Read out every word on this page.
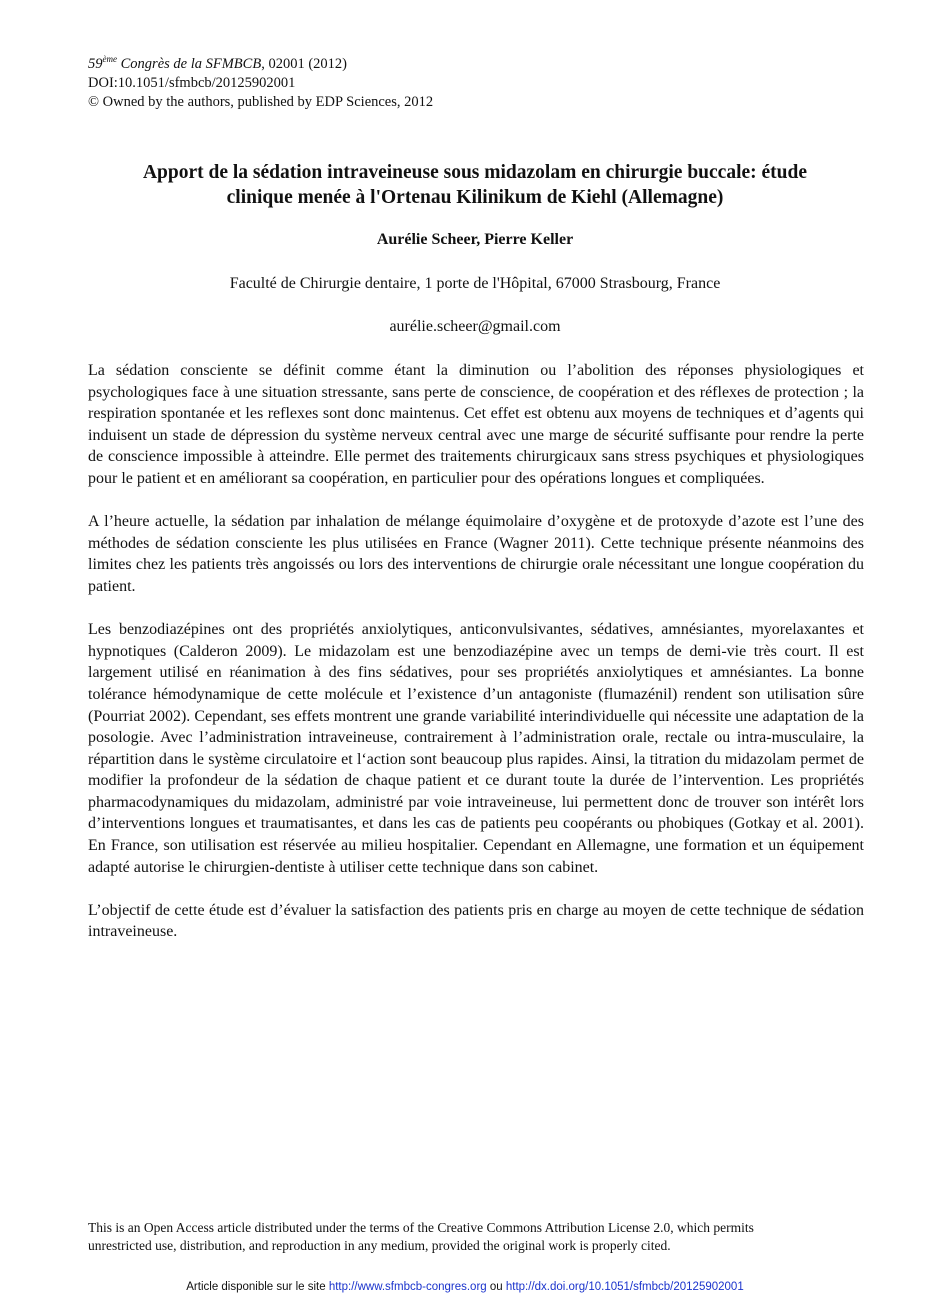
59ème Congrès de la SFMBCB, 02001 (2012)
DOI:10.1051/sfmbcb/20125902001
© Owned by the authors, published by EDP Sciences, 2012
Apport de la sédation intraveineuse sous midazolam en chirurgie buccale: étude
clinique menée à l'Ortenau Kilinikum de Kiehl (Allemagne)
Aurélie Scheer, Pierre Keller
Faculté de Chirurgie dentaire, 1 porte de l'Hôpital, 67000 Strasbourg, France
aurélie.scheer@gmail.com

La sédation consciente se définit comme étant la diminution ou l’abolition des réponses physiologiques et psychologiques face à une situation stressante, sans perte de conscience, de coopération et des réflexes de protection ; la respiration spontanée et les reflexes sont donc maintenus. Cet effet est obtenu aux moyens de techniques et d’agents qui induisent un stade de dépression du système nerveux central avec une marge de sécurité suffisante pour rendre la perte de conscience impossible à atteindre. Elle permet des traitements chirurgicaux sans stress psychiques et physiologiques pour le patient et en améliorant sa coopération, en particulier pour des opérations longues et compliquées.

A l’heure actuelle, la sédation par inhalation de mélange équimolaire d’oxygène et de protoxyde d’azote est l’une des méthodes de sédation consciente les plus utilisées en France (Wagner 2011). Cette technique présente néanmoins des limites chez les patients très angoissés ou lors des interventions de chirurgie orale nécessitant une longue coopération du patient.

Les benzodiazépines ont des propriétés anxiolytiques, anticonvulsivantes, sédatives, amnésiantes, myorelaxantes et hypnotiques (Calderon 2009). Le midazolam est une benzodiazépine avec un temps de demi-vie très court. Il est largement utilisé en réanimation à des fins sédatives, pour ses propriétés anxiolytiques et amnésiantes. La bonne tolérance hémodynamique de cette molécule et l’existence d’un antagoniste (flumazénil) rendent son utilisation sûre (Pourriat 2002). Cependant, ses effets montrent une grande variabilité interindividuelle qui nécessite une adaptation de la posologie. Avec l’administration intraveineuse, contrairement à l’administration orale, rectale ou intra-musculaire, la répartition dans le système circulatoire et l‘action sont beaucoup plus rapides. Ainsi, la titration du midazolam permet de modifier la profondeur de la sédation de chaque patient et ce durant toute la durée de l’intervention. Les propriétés pharmacodynamiques du midazolam, administré par voie intraveineuse, lui permettent donc de trouver son intérêt lors d’interventions longues et traumatisantes, et dans les cas de patients peu coopérants ou phobiques (Gotkay et al. 2001). En France, son utilisation est réservée au milieu hospitalier. Cependant en Allemagne, une formation et un équipement adapté autorise le chirurgien-dentiste à utiliser cette technique dans son cabinet.

L’objectif de cette étude est d’évaluer la satisfaction des patients pris en charge au moyen de cette technique de sédation intraveineuse.

This is an Open Access article distributed under the terms of the Creative Commons Attribution License 2.0, which permits
unrestricted use, distribution, and reproduction in any medium, provided the original work is properly cited.
Article disponible sur le site http://www.sfmbcb-congres.org ou http://dx.doi.org/10.1051/sfmbcb/20125902001
